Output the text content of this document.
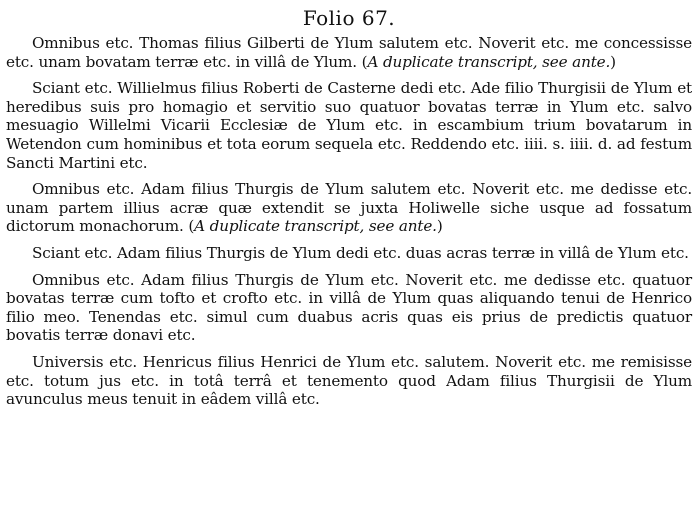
Folio 67.

Omnibus etc. Thomas filius Gilberti de Ylum salutem etc. Noverit etc. me concessisse etc. unam bovatam terræ etc. in villâ de Ylum. (A duplicate transcript, see ante.)

Sciant etc. Willielmus filius Roberti de Casterne dedi etc. Ade filio Thurgisii de Ylum et heredibus suis pro homagio et servitio suo quatuor bovatas terræ in Ylum etc. salvo mesuagio Willelmi Vicarii Ecclesiæ de Ylum etc. in escambium trium bovatarum in Wetendon cum hominibus et tota eorum sequela etc. Reddendo etc. iiii. s. iiii. d. ad festum Sancti Martini etc.

Omnibus etc. Adam filius Thurgis de Ylum salutem etc. Noverit etc. me dedisse etc. unam partem illius acræ quæ extendit se juxta Holiwelle siche usque ad fossatum dictorum monachorum. (A duplicate transcript, see ante.)

Sciant etc. Adam filius Thurgis de Ylum dedi etc. duas acras terræ in villâ de Ylum etc.

Omnibus etc. Adam filius Thurgis de Ylum etc. Noverit etc. me dedisse etc. quatuor bovatas terræ cum tofto et crofto etc. in villâ de Ylum quas aliquando tenui de Henrico filio meo. Tenendas etc. simul cum duabus acris quas eis prius de predictis quatuor bovatis terræ donavi etc.

Universis etc. Henricus filius Henrici de Ylum etc. salutem. Noverit etc. me remisisse etc. totum jus etc. in totâ terrâ et tenemento quod Adam filius Thurgisii de Ylum avunculus meus tenuit in eâdem villâ etc.
